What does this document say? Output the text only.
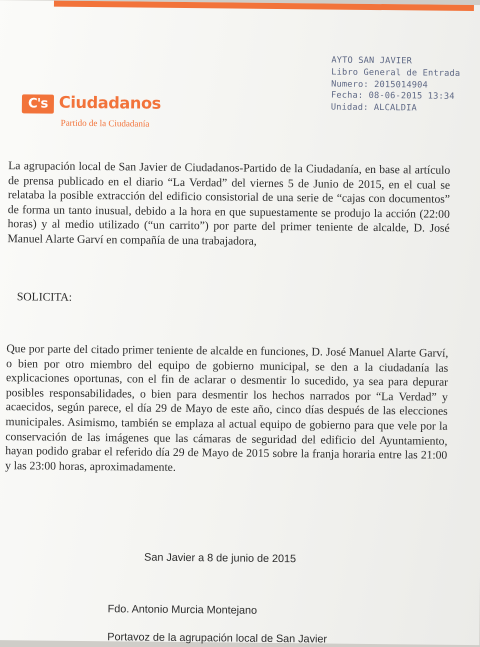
AYTO SAN JAVIER
Libro General de Entrada
Numero: 2015014904
Fecha: 08-06-2015 13:34
Unidad: ALCALDIA
C's Ciudadanos
Partido de la Ciudadanía
La agrupación local de San Javier de Ciudadanos-Partido de la Ciudadanía, en base al artículo de prensa publicado en el diario “La Verdad” del viernes 5 de Junio de 2015, en el cual se relataba la posible extracción del edificio consistorial de una serie de “cajas con documentos” de forma un tanto inusual, debido a la hora en que supuestamente se produjo la acción (22:00 horas) y al medio utilizado (“un carrito”) por parte del primer teniente de alcalde, D. José Manuel Alarte Garví en compañía de una trabajadora,
SOLICITA:
Que por parte del citado primer teniente de alcalde en funciones, D. José Manuel Alarte Garví, o bien por otro miembro del equipo de gobierno municipal, se den a la ciudadanía las explicaciones oportunas, con el fin de aclarar o desmentir lo sucedido, ya sea para depurar posibles responsabilidades, o bien para desmentir los hechos narrados por “La Verdad” y acaecidos, según parece, el día 29 de Mayo de este año, cinco días después de las elecciones municipales. Asimismo, también se emplaza al actual equipo de gobierno para que vele por la conservación de las imágenes que las cámaras de seguridad del edificio del Ayuntamiento, hayan podido grabar el referido día 29 de Mayo de 2015 sobre la franja horaria entre las 21:00 y las 23:00 horas, aproximadamente.
San Javier a 8 de junio de 2015
Fdo. Antonio Murcia Montejano
Portavoz de la agrupación local de San Javier
